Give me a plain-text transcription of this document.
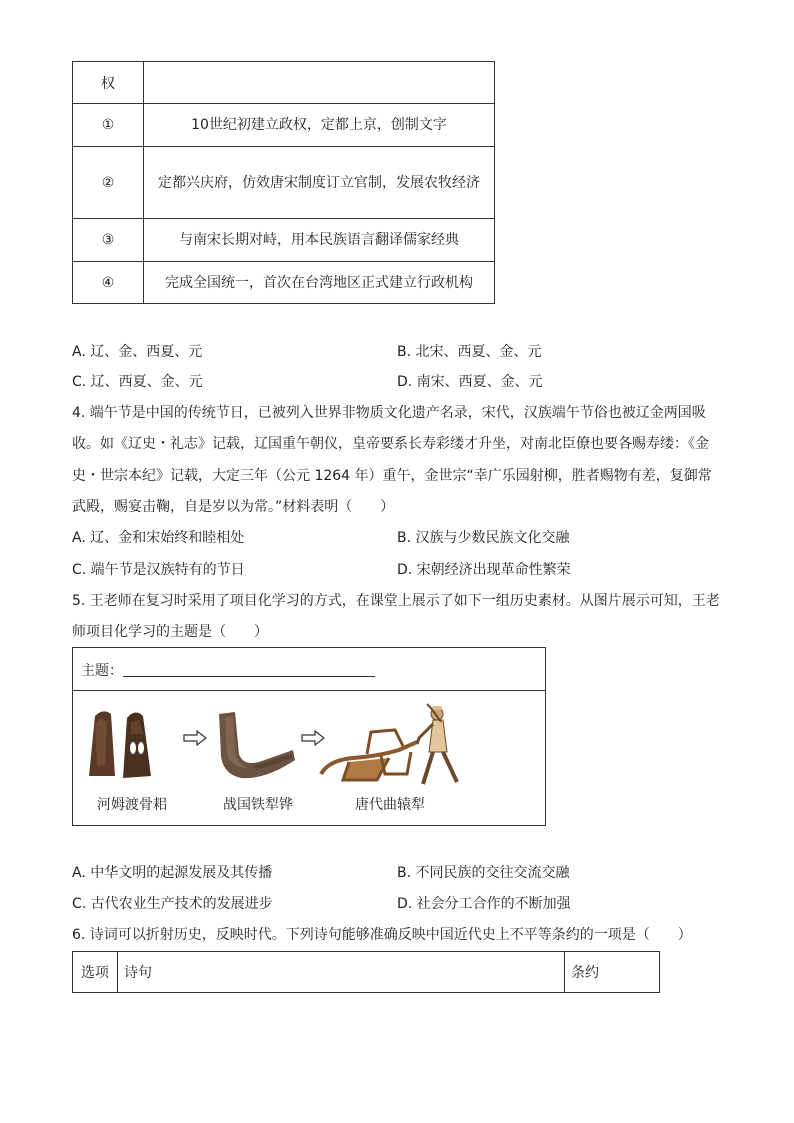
权	
①	10世纪初建立政权，定都上京，创制文字
②	定都兴庆府，仿效唐宋制度订立官制，发展农牧经济
③	与南宋长期对峙，用本民族语言翻译儒家经典
④	完成全国统一，首次在台湾地区正式建立行政机构
A. 辽、金、西夏、元	B. 北宋、西夏、金、元
C. 辽、西夏、金、元	D. 南宋、西夏、金、元
4. 端午节是中国的传统节日，已被列入世界非物质文化遗产名录，宋代，汉族端午节俗也被辽金两国吸
收。如《辽史・礼志》记载，辽国重午朝仪，皇帝要系长寿彩缕才升坐，对南北臣僚也要各赐寿缕：《金
史・世宗本纪》记载，大定三年（公元 1264 年）重午，金世宗“幸广乐园射柳，胜者赐物有差，复御常
武殿，赐宴击鞠，自是岁以为常。”材料表明（　　）
A. 辽、金和宋始终和睦相处	B. 汉族与少数民族文化交融
C. 端午节是汉族特有的节日	D. 宋朝经济出现革命性繁荣
5. 王老师在复习时采用了项目化学习的方式，在课堂上展示了如下一组历史素材。从图片展示可知，王老
师项目化学习的主题是（　　）
主题：
河姆渡骨耜	战国铁犁铧	唐代曲辕犁
A. 中华文明的起源发展及其传播	B. 不同民族的交往交流交融
C. 古代农业生产技术的发展进步	D. 社会分工合作的不断加强
6. 诗词可以折射历史，反映时代。下列诗句能够准确反映中国近代史上不平等条约的一项是（　　）
选项	诗句	条约
